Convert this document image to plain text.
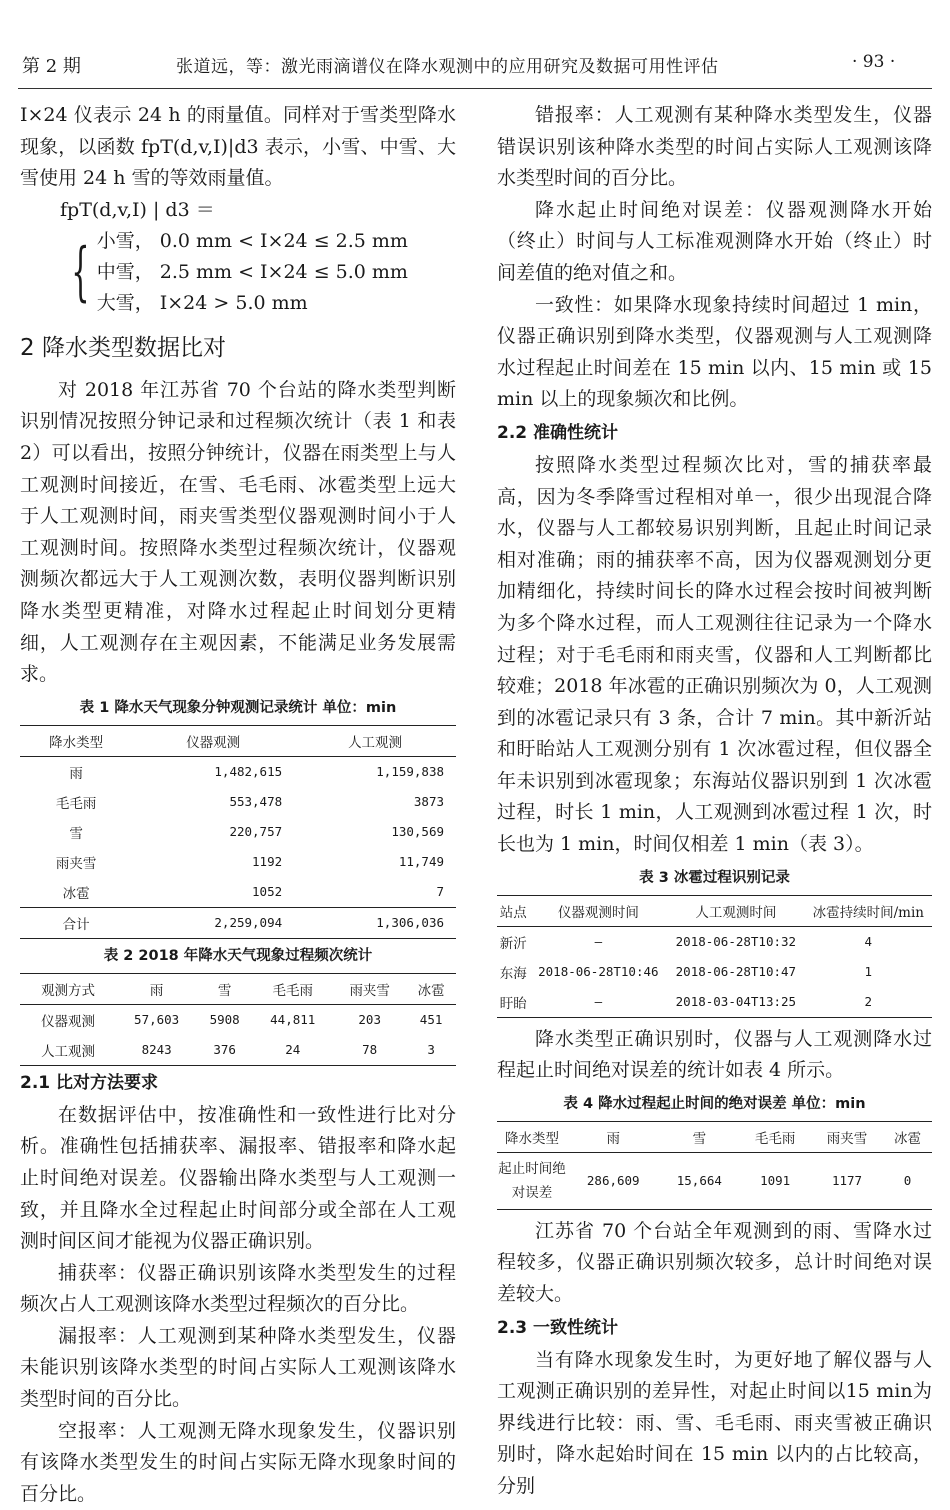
第 2 期	张道远，等：激光雨滴谱仪在降水观测中的应用研究及数据可用性评估	· 93 ·

I×24 仪表示 24 h 的雨量值。同样对于雪类型降水现象，以函数 fpT(d,v,I)|d3 表示，小雪、中雪、大雪使用 24 h 雪的等效雨量值。

fpT(d,v,I) | d3 ＝
{ 小雪， 0.0 mm < I×24 ≤ 2.5 mm
中雪， 2.5 mm < I×24 ≤ 5.0 mm
大雪， I×24 > 5.0 mm
2 降水类型数据比对

对 2018 年江苏省 70 个台站的降水类型判断识别情况按照分钟记录和过程频次统计（表 1 和表 2）可以看出，按照分钟统计，仪器在雨类型上与人工观测时间接近，在雪、毛毛雨、冰雹类型上远大于人工观测时间，雨夹雪类型仪器观测时间小于人工观测时间。按照降水类型过程频次统计，仪器观测频次都远大于人工观测次数，表明仪器判断识别降水类型更精准，对降水过程起止时间划分更精细，人工观测存在主观因素，不能满足业务发展需求。

表 1 降水天气现象分钟观测记录统计 单位：min
降水类型	仪器观测	人工观测
雨	1,482,615	1,159,838
毛毛雨	553,478	3873
雪	220,757	130,569
雨夹雪	1192	11,749
冰雹	1052	7
合计	2,259,094	1,306,036
表 2 2018 年降水天气现象过程频次统计
观测方式	雨	雪	毛毛雨	雨夹雪	冰雹
仪器观测	57,603	5908	44,811	203	451
人工观测	8243	376	24	78	3
2.1 比对方法要求

在数据评估中，按准确性和一致性进行比对分析。准确性包括捕获率、漏报率、错报率和降水起止时间绝对误差。仪器输出降水类型与人工观测一致，并且降水全过程起止时间部分或全部在人工观测时间区间才能视为仪器正确识别。

捕获率：仪器正确识别该降水类型发生的过程频次占人工观测该降水类型过程频次的百分比。

漏报率：人工观测到某种降水类型发生，仪器未能识别该降水类型的时间占实际人工观测该降水类型时间的百分比。

空报率：人工观测无降水现象发生，仪器识别有该降水类型发生的时间占实际无降水现象时间的百分比。

错报率：人工观测有某种降水类型发生，仪器错误识别该种降水类型的时间占实际人工观测该降水类型时间的百分比。

降水起止时间绝对误差：仪器观测降水开始（终止）时间与人工标准观测降水开始（终止）时间差值的绝对值之和。

一致性：如果降水现象持续时间超过 1 min，仪器正确识别到降水类型，仪器观测与人工观测降水过程起止时间差在 15 min 以内、15 min 或 15 min 以上的现象频次和比例。

2.2 准确性统计

按照降水类型过程频次比对，雪的捕获率最高，因为冬季降雪过程相对单一，很少出现混合降水，仪器与人工都较易识别判断，且起止时间记录相对准确；雨的捕获率不高，因为仪器观测划分更加精细化，持续时间长的降水过程会按时间被判断为多个降水过程，而人工观测往往记录为一个降水过程；对于毛毛雨和雨夹雪，仪器和人工判断都比较难；2018 年冰雹的正确识别频次为 0，人工观测到的冰雹记录只有 3 条，合计 7 min。其中新沂站和盱眙站人工观测分别有 1 次冰雹过程，但仪器全年未识别到冰雹现象；东海站仪器识别到 1 次冰雹过程，时长 1 min，人工观测到冰雹过程 1 次，时长也为 1 min，时间仅相差 1 min（表 3）。

表 3 冰雹过程识别记录
站点	仪器观测时间	人工观测时间	冰雹持续时间/min
新沂	—	2018-06-28T10:32	4
东海	2018-06-28T10:46	2018-06-28T10:47	1
盱眙	—	2018-03-04T13:25	2

降水类型正确识别时，仪器与人工观测降水过程起止时间绝对误差的统计如表 4 所示。

表 4 降水过程起止时间的绝对误差 单位：min
降水类型	雨	雪	毛毛雨	雨夹雪	冰雹
起止时间绝对误差	286,609	15,664	1091	1177	0

江苏省 70 个台站全年观测到的雨、雪降水过程较多，仪器正确识别频次较多，总计时间绝对误差较大。

2.3 一致性统计

当有降水现象发生时，为更好地了解仪器与人工观测正确识别的差异性，对起止时间以15 min为界线进行比较：雨、雪、毛毛雨、雨夹雪被正确识别时，降水起始时间在 15 min 以内的占比较高，分别
